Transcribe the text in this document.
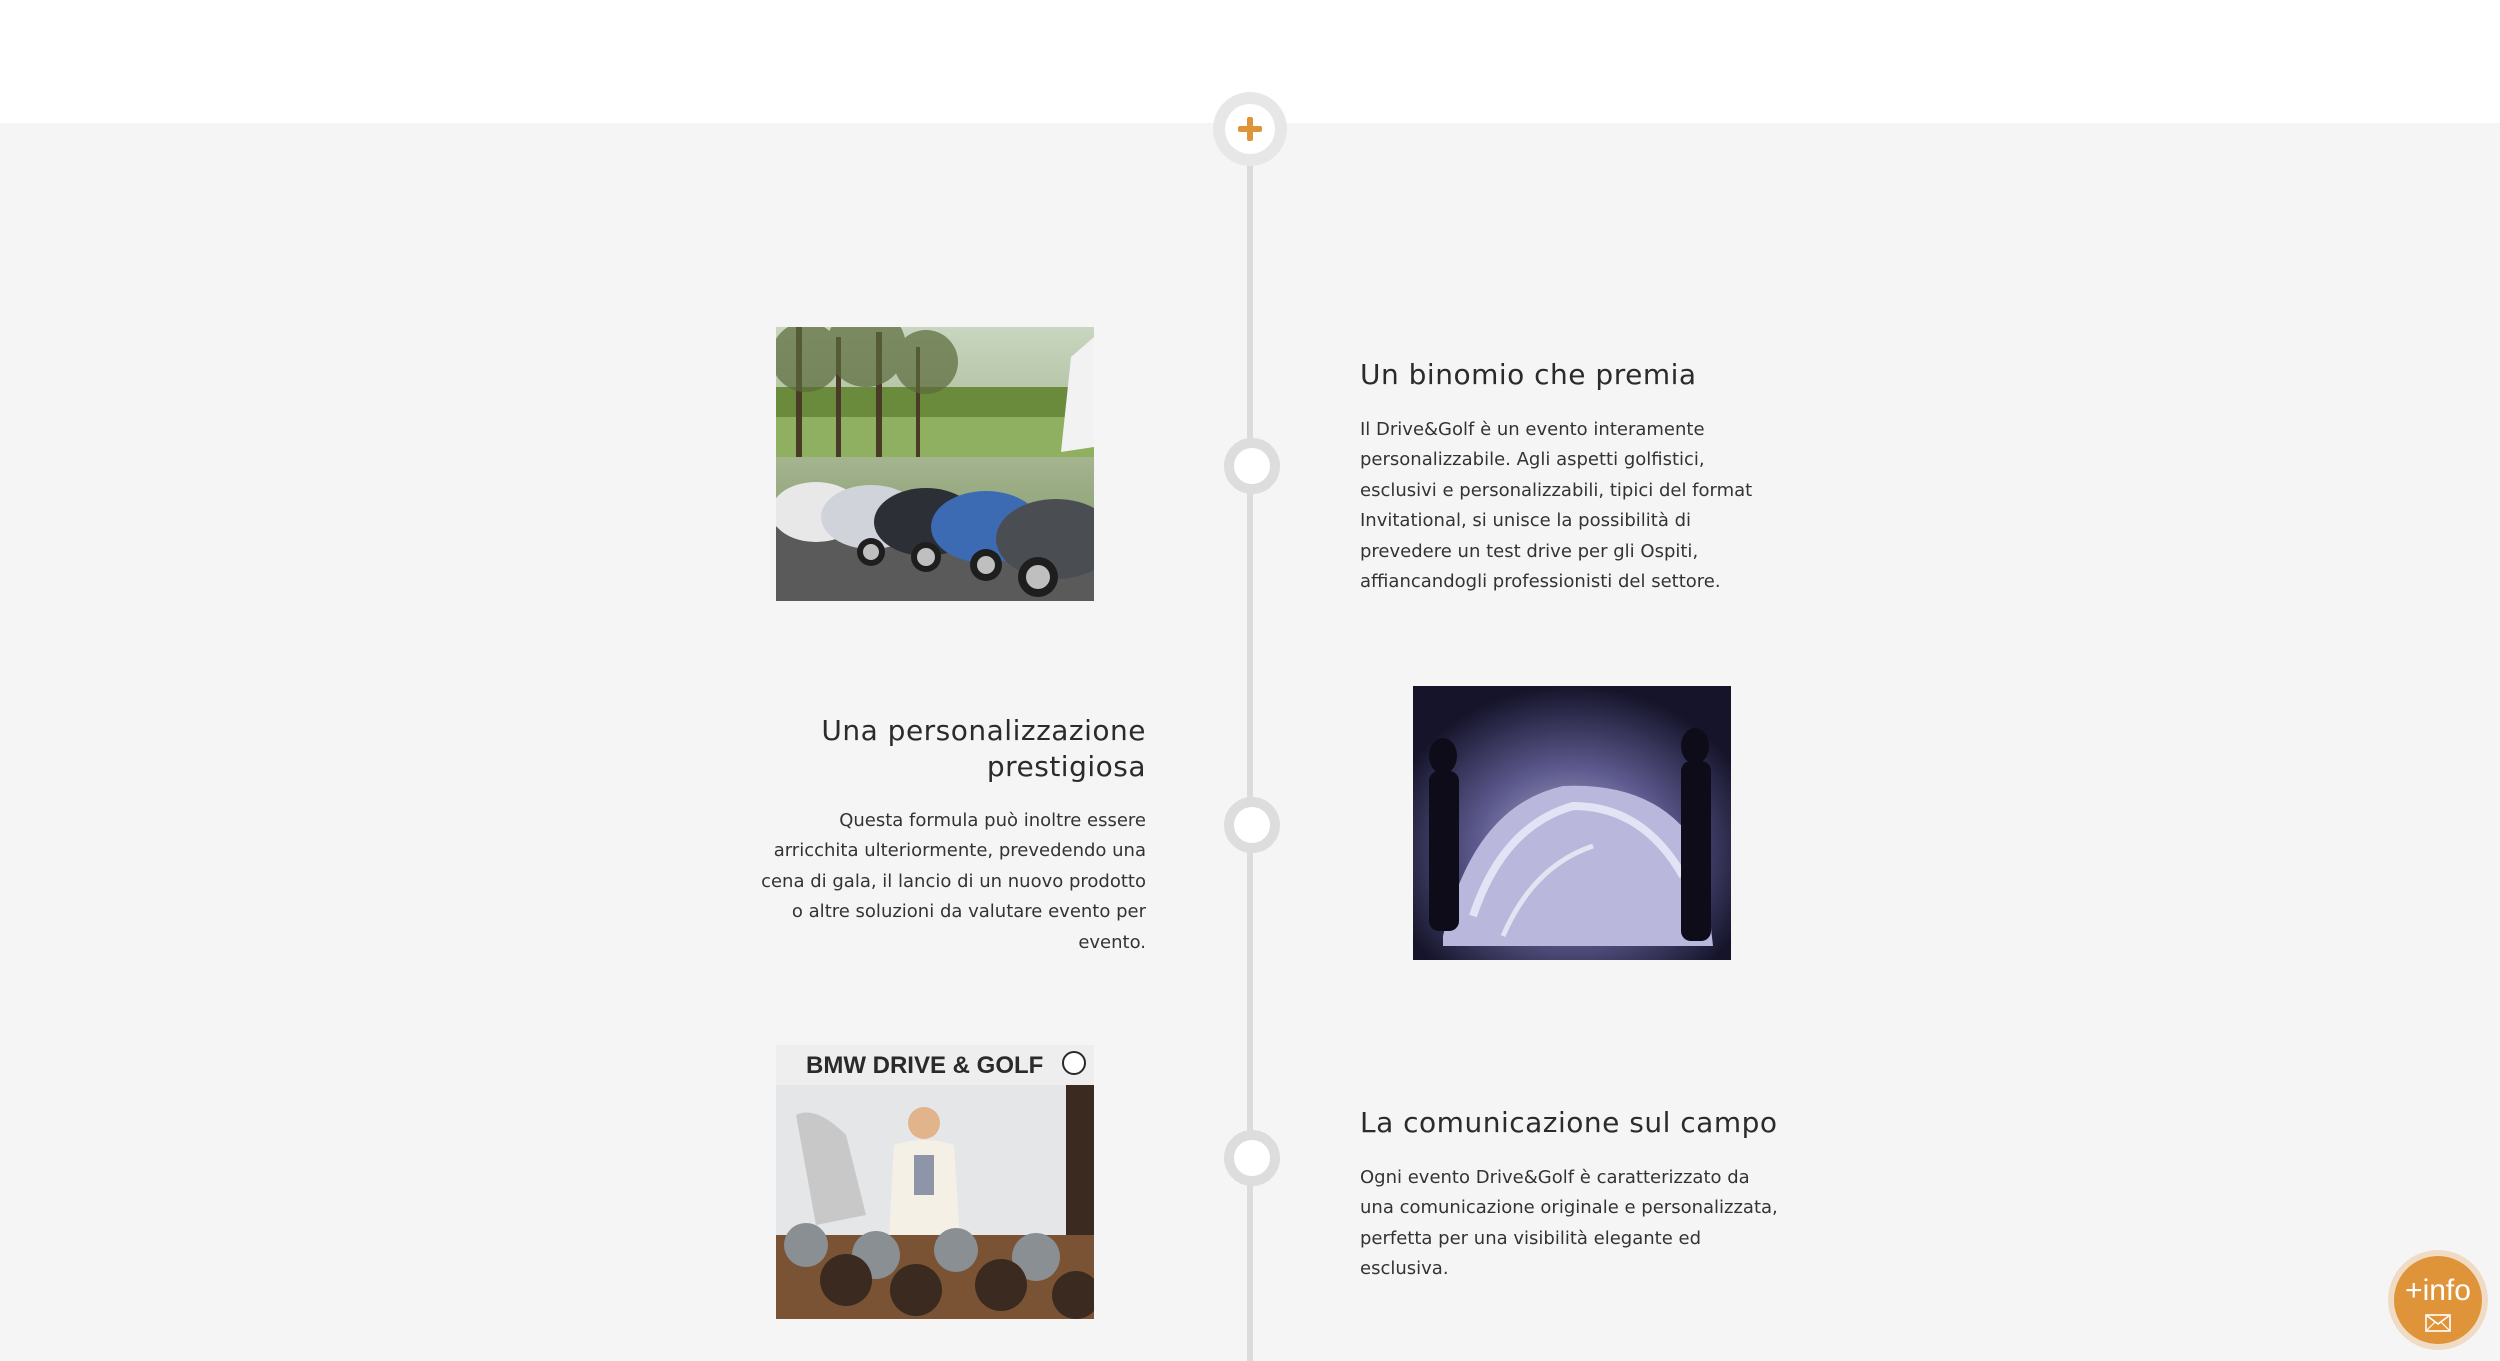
Un binomio che premia

Il Drive&Golf è un evento interamente personalizzabile. Agli aspetti golfistici, esclusivi e personalizzabili, tipici del format Invitational, si unisce la possibilità di prevedere un test drive per gli Ospiti, affiancandogli professionisti del settore.

Una personalizzazione prestigiosa

Questa formula può inoltre essere arricchita ulteriormente, prevedendo una cena di gala, il lancio di un nuovo prodotto o altre soluzioni da valutare evento per evento.

BMW DRIVE & GOLF
La comunicazione sul campo

Ogni evento Drive&Golf è caratterizzato da una comunicazione originale e personalizzata, perfetta per una visibilità elegante ed esclusiva.

+info
